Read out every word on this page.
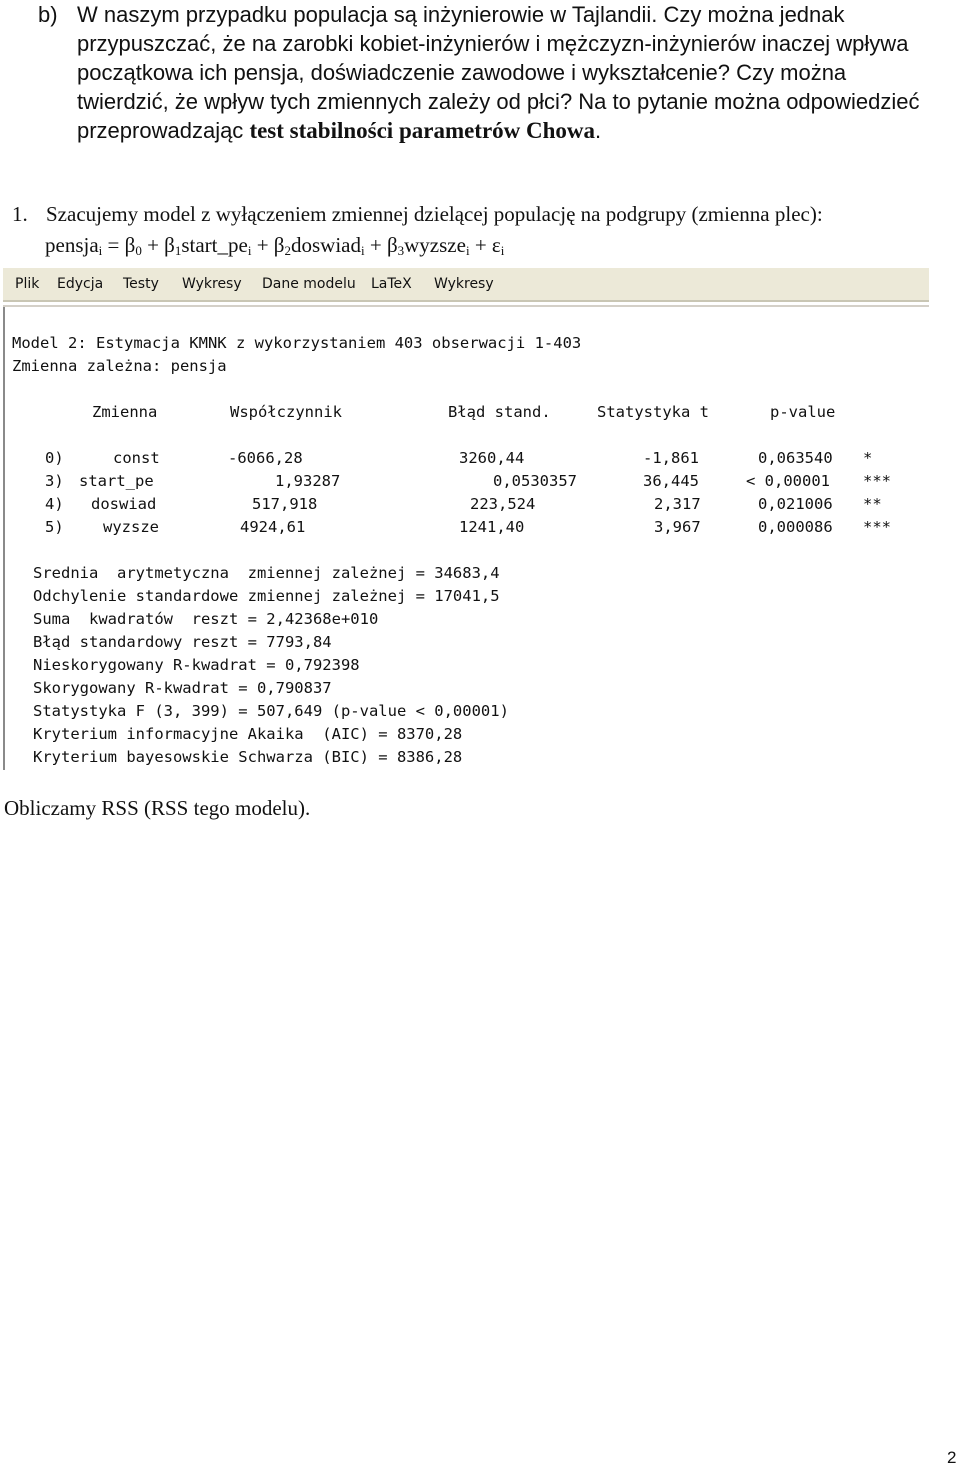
b) W naszym przypadku populacja są inżynierowie w Tajlandii. Czy można jednak przypuszczać, że na zarobki kobiet-inżynierów i mężczyzn-inżynierów inaczej wpływa początkowa ich pensja, doświadczenie zawodowe i wykształcenie? Czy można twierdzić, że wpływ tych zmiennych zależy od płci? Na to pytanie można odpowiedzieć przeprowadzając test stabilności parametrów Chowa.
1. Szacujemy model z wyłączeniem zmiennej dzielącej populację na podgrupy (zmienna plec):
pensja$_i$ = $\beta_0$ + $\beta_1start\_pe_i$ + $\beta_2doswiad_i$ + $\beta_3wyzsze_i + \varepsilon_i$
Plik Edycja Testy Wykresy Dane modelu LaTeX Wykresy
Model 2: Estymacja KMNK z wykorzystaniem 403 obserwacji 1-403
Zmienna zależna: pensja
Zmienna	Współczynnik	Błąd stand.	Statystyka t	p-value
0)	const	-6066,28	3260,44	-1,861	0,063540 *
3) start_pe	1,93287	0,0530357	36,445	< 0,00001 ***
4) doswiad	517,918	223,524	2,317	0,021006 **
5)	wyzsze	4924,61	1241,40	3,967	0,000086 ***
Srednia  arytmetyczna  zmiennej zależnej = 34683,4
Odchylenie standardowe zmiennej zależnej = 17041,5
Suma  kwadratów  reszt = 2,42368e+010
Błąd standardowy reszt = 7793,84
Nieskorygowany R-kwadrat = 0,792398
Skorygowany R-kwadrat = 0,790837
Statystyka F (3, 399) = 507,649 (p-value < 0,00001)
Kryterium informacyjne Akaika  (AIC) = 8370,28
Kryterium bayesowskie Schwarza (BIC) = 8386,28
Obliczamy RSS (RSS tego modelu).
2
